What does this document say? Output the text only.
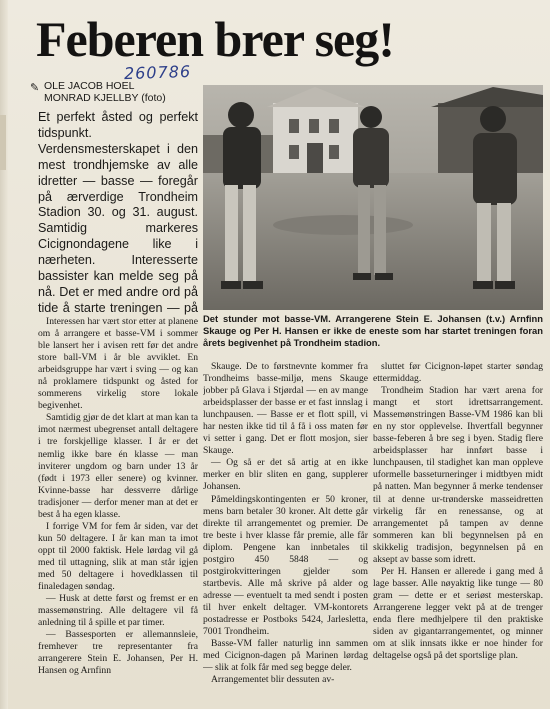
Feberen brer seg!
260786
✎ OLE JACOB HOEL
MONRAD KJELLBY (foto)
Et perfekt åsted og perfekt tidspunkt. Verdensmesterskapet i den mest trondhjemske av alle idretter — basse — foregår på ærverdige Trondheim Stadion 30. og 31. august. Samtidig markeres Cicignondagene like i nærheten. Interesserte bassister kan melde seg på nå. Det er med andre ord på tide å starte treningen — på
Det stunder mot basse-VM. Arrangerene Stein E. Johansen (t.v.) Arnfinn Skauge og Per H. Hansen er ikke de eneste som har startet treningen foran årets begivenhet på Trondheim stadion.

Interessen har vært stor etter at planene om å arrangere et basse-VM i sommer ble lansert her i avisen rett før det andre store ball-VM i år ble avviklet. En arbeidsgruppe har vært i sving — og kan nå proklamere tidspunkt og åsted for sommerens virkelig store lokale begivenhet.

Samtidig gjør de det klart at man kan ta imot nærmest ubegrenset antall deltagere i tre forskjellige klasser. I år er det nemlig ikke bare én klasse — man inviterer ungdom og barn under 13 år (født i 1973 eller senere) og kvinner. Kvinne-basse har dessverre dårlige tradisjoner — derfor mener man at det er best å ha egen klasse.

I forrige VM for fem år siden, var det kun 50 deltagere. I år kan man ta imot oppt til 2000 faktisk. Hele lørdag vil gå med til uttagning, slik at man står igjen med 50 deltagere i hovedklassen til finaledagen søndag.

— Husk at dette først og fremst er en massemønstring. Alle deltagere vil få anledning til å spille et par timer.

— Bassesporten er allemannsleie, fremhever tre representanter fra arrangerere Stein E. Johansen, Per H. Hansen og Arnfinn

Skauge. De to førstnevnte kommer fra Trondheims basse-miljø, mens Skauge jobber på Glava i Stjørdal — en av mange arbeidsplasser der basse er et fast innslag i lunchpausen. — Basse er et flott spill, vi har nesten ikke tid til å få i oss maten før vi setter i gang. Det er flott mosjon, sier Skauge.

— Og så er det så artig at en ikke merker en blir sliten en gang, supplerer Johansen.

Påmeldingskontingenten er 50 kroner, mens barn betaler 30 kroner. Alt dette går direkte til arrangementet og premier. De tre beste i hver klasse får premie, alle får diplom. Pengene kan innbetales til postgiro 450 5848 — og postgirokvitteringen gjelder som startbevis. Alle må skrive på alder og adresse — eventuelt ta med sendt i posten til hver enkelt deltager. VM-kontorets postadresse er Postboks 5424, Jarlesletta, 7001 Trondheim.

Basse-VM faller naturlig inn sammen med Cicignon-dagen på Marinen lørdag — slik at folk får med seg begge deler.

Arrangementet blir dessuten av-

sluttet før Cicignon-løpet starter søndag ettermiddag.

Trondheim Stadion har vært arena for mangt et stort idrettsarrangement. Massemønstringen Basse-VM 1986 kan bli en ny stor opplevelse. Ihvertfall begynner basse-feberen å bre seg i byen. Stadig flere arbeidsplasser har innført basse i lunchpausen, til stadighet kan man oppleve uformelle basseturneringer i midtbyen midt på natten. Man begynner å merke tendenser til at denne ur-trønderske masseidretten virkelig får en renessanse, og at arrangementet på tampen av denne sommeren kan bli begynnelsen på en skikkelig tradisjon, begynnelsen på en aksept av basse som idrett.

Per H. Hansen er allerede i gang med å lage basser. Alle nøyaktig like tunge — 80 gram — dette er et seriøst mesterskap. Arrangerene legger vekt på at de trenger enda flere medhjelpere til den praktiske siden av gigantarrangementet, og minner om at slik innsats ikke er noe hinder for deltagelse også på det sportslige plan.
